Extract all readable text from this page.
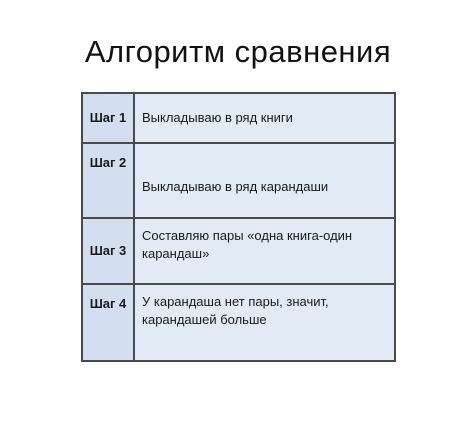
Алгоритм сравнения
Шаг 1	Выкладываю в ряд книги
Шаг 2	Выкладываю в ряд карандаши
Шаг 3	Составляю пары «одна книга-один карандаш»
Шаг 4	У карандаша нет пары, значит, карандашей больше
